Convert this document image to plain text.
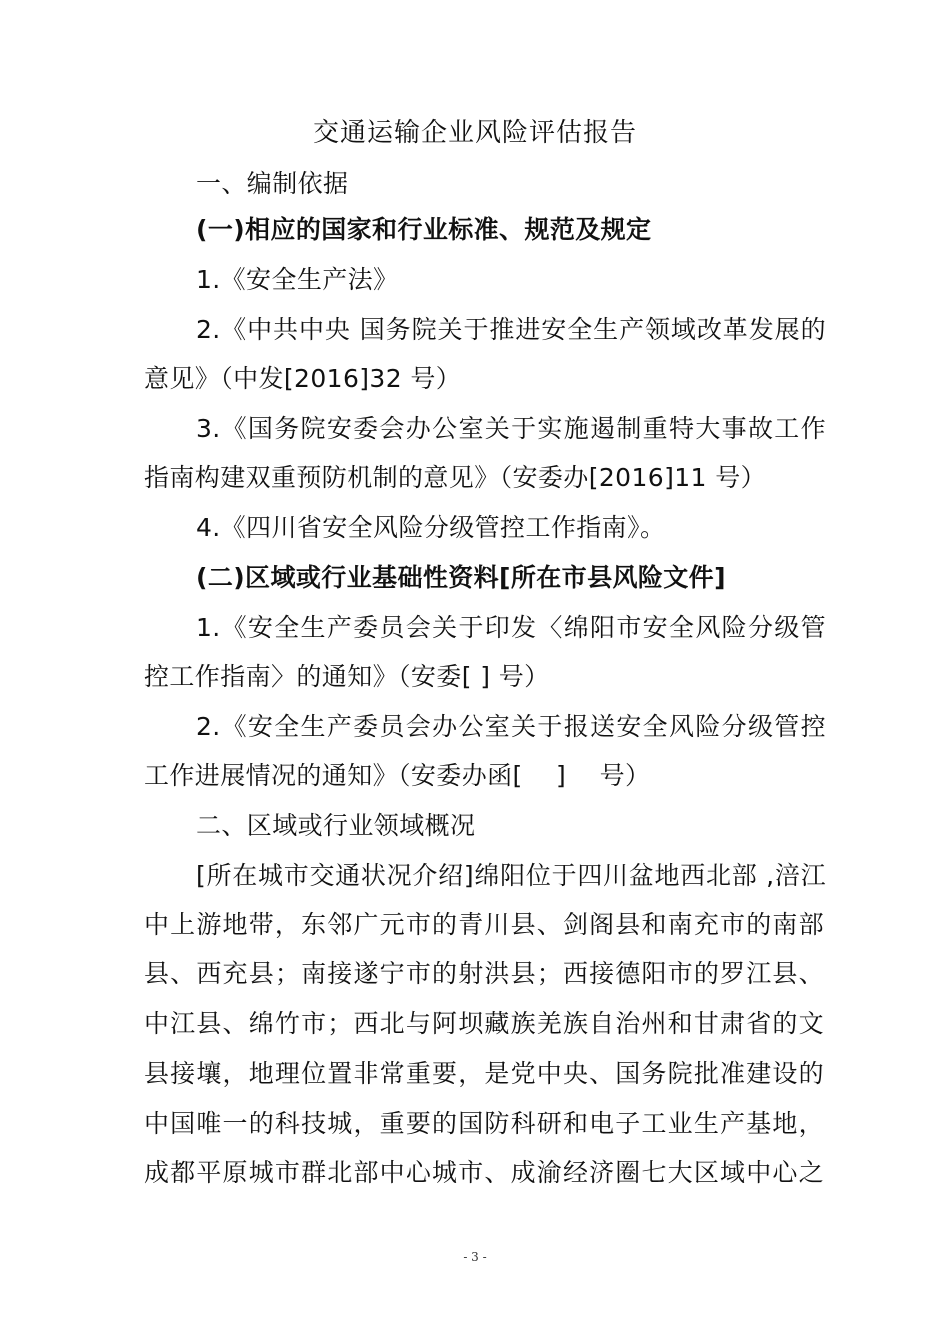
交通运输企业风险评估报告
一、编制依据
(一)相应的国家和行业标准、规范及规定
1.《安全生产法》
2.《中共中央 国务院关于推进安全生产领域改革发展的
意见》（中发[2016]32 号）
3.《国务院安委会办公室关于实施遏制重特大事故工作
指南构建双重预防机制的意见》（安委办[2016]11 号）
4.《四川省安全风险分级管控工作指南》。
(二)区域或行业基础性资料[所在市县风险文件]
1.《安全生产委员会关于印发〈绵阳市安全风险分级管
控工作指南〉的通知》（安委[ ] 号）
2.《安全生产委员会办公室关于报送安全风险分级管控
工作进展情况的通知》（安委办函[    ]    号）
二、区域或行业领域概况
[所在城市交通状况介绍]绵阳位于四川盆地西北部 ,涪江
中上游地带，东邻广元市的青川县、剑阁县和南充市的南部
县、西充县；南接遂宁市的射洪县；西接德阳市的罗江县、
中江县、绵竹市；西北与阿坝藏族羌族自治州和甘肃省的文
县接壤，地理位置非常重要，是党中央、国务院批准建设的
中国唯一的科技城，重要的国防科研和电子工业生产基地，
成都平原城市群北部中心城市、成渝经济圈七大区域中心之
- 3 -
